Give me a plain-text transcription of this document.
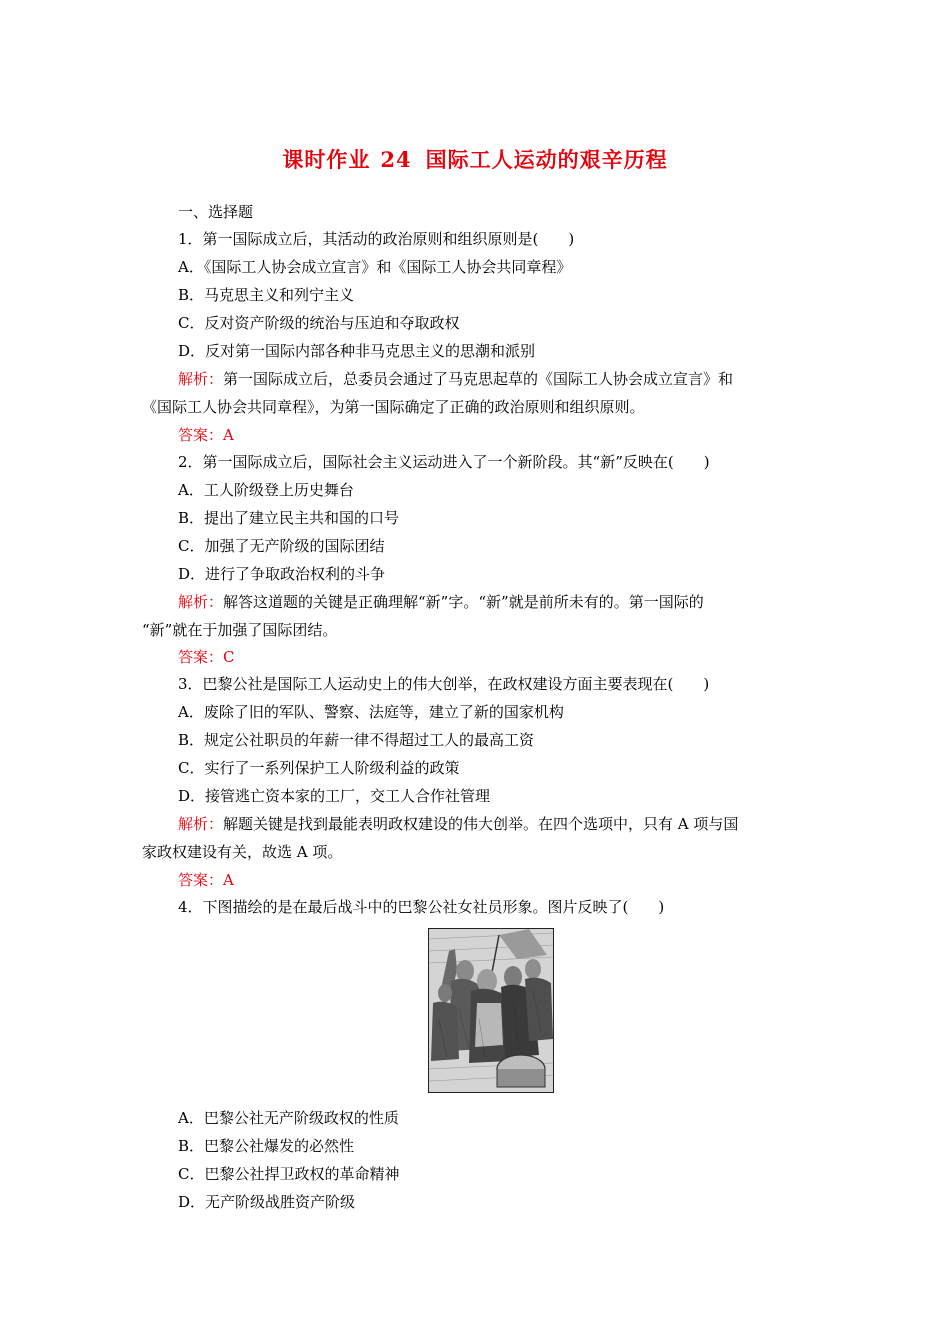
课时作业 24 国际工人运动的艰辛历程
一、选择题
1．第一国际成立后，其活动的政治原则和组织原则是(　　)
A．《国际工人协会成立宣言》和《国际工人协会共同章程》
B．马克思主义和列宁主义
C．反对资产阶级的统治与压迫和夺取政权
D．反对第一国际内部各种非马克思主义的思潮和派别
解析：第一国际成立后，总委员会通过了马克思起草的《国际工人协会成立宣言》和
《国际工人协会共同章程》，为第一国际确定了正确的政治原则和组织原则。
答案：A
2．第一国际成立后，国际社会主义运动进入了一个新阶段。其“新”反映在(　　)
A．工人阶级登上历史舞台
B．提出了建立民主共和国的口号
C．加强了无产阶级的国际团结
D．进行了争取政治权利的斗争
解析：解答这道题的关键是正确理解“新”字。“新”就是前所未有的。第一国际的
“新”就在于加强了国际团结。
答案：C
3．巴黎公社是国际工人运动史上的伟大创举，在政权建设方面主要表现在(　　)
A．废除了旧的军队、警察、法庭等，建立了新的国家机构
B．规定公社职员的年薪一律不得超过工人的最高工资
C．实行了一系列保护工人阶级利益的政策
D．接管逃亡资本家的工厂，交工人合作社管理
解析：解题关键是找到最能表明政权建设的伟大创举。在四个选项中，只有 A 项与国
家政权建设有关，故选 A 项。
答案：A
4．下图描绘的是在最后战斗中的巴黎公社女社员形象。图片反映了(　　)
A．巴黎公社无产阶级政权的性质
B．巴黎公社爆发的必然性
C．巴黎公社捍卫政权的革命精神
D．无产阶级战胜资产阶级
